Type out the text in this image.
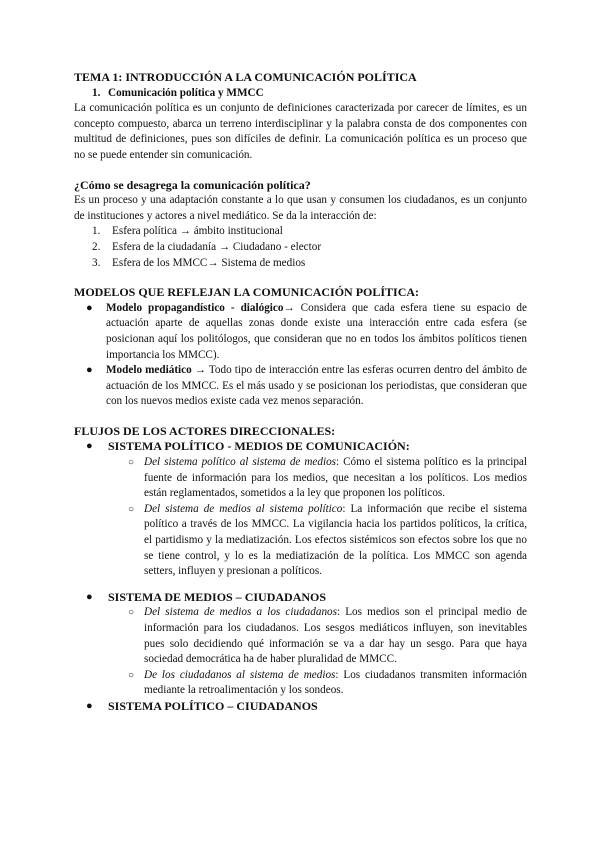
TEMA 1: INTRODUCCIÓN A LA COMUNICACIÓN POLÍTICA
1. Comunicación política y MMCC
La comunicación política es un conjunto de definiciones caracterizada por carecer de límites, es un concepto compuesto, abarca un terreno interdisciplinar y la palabra consta de dos componentes con multitud de definiciones, pues son difíciles de definir. La comunicación política es un proceso que no se puede entender sin comunicación.
¿Cómo se desagrega la comunicación política?
Es un proceso y una adaptación constante a lo que usan y consumen los ciudadanos, es un conjunto de instituciones y actores a nivel mediático. Se da la interacción de:
1.	Esfera política → ámbito institucional
2.	Esfera de la ciudadanía → Ciudadano - elector
3.	Esfera de los MMCC→ Sistema de medios
MODELOS QUE REFLEJAN LA COMUNICACIÓN POLÍTICA:
●	Modelo propagandístico - dialógico→ Considera que cada esfera tiene su espacio de actuación aparte de aquellas zonas donde existe una interacción entre cada esfera (se posicionan aquí los politólogos, que consideran que no en todos los ámbitos políticos tienen importancia los MMCC).
●	Modelo mediático → Todo tipo de interacción entre las esferas ocurren dentro del ámbito de actuación de los MMCC. Es el más usado y se posicionan los periodistas, que consideran que con los nuevos medios existe cada vez menos separación.
FLUJOS DE LOS ACTORES DIRECCIONALES:
●	SISTEMA POLÍTICO - MEDIOS DE COMUNICACIÓN:
○ Del sistema político al sistema de medios: Cómo el sistema político es la principal fuente de información para los medios, que necesitan a los políticos. Los medios están reglamentados, sometidos a la ley que proponen los políticos.
○ Del sistema de medios al sistema político: La información que recibe el sistema político a través de los MMCC. La vigilancia hacia los partidos políticos, la crítica, el partidismo y la mediatización. Los efectos sistémicos son efectos sobre los que no se tiene control, y lo es la mediatización de la política. Los MMCC son agenda setters, influyen y presionan a políticos.
●	SISTEMA DE MEDIOS – CIUDADANOS
○ Del sistema de medios a los ciudadanos: Los medios son el principal medio de información para los ciudadanos. Los sesgos mediáticos influyen, son inevitables pues solo decidiendo qué información se va a dar hay un sesgo. Para que haya sociedad democrática ha de haber pluralidad de MMCC.
○ De los ciudadanos al sistema de medios: Los ciudadanos transmiten información mediante la retroalimentación y los sondeos.
●	SISTEMA POLÍTICO – CIUDADANOS
